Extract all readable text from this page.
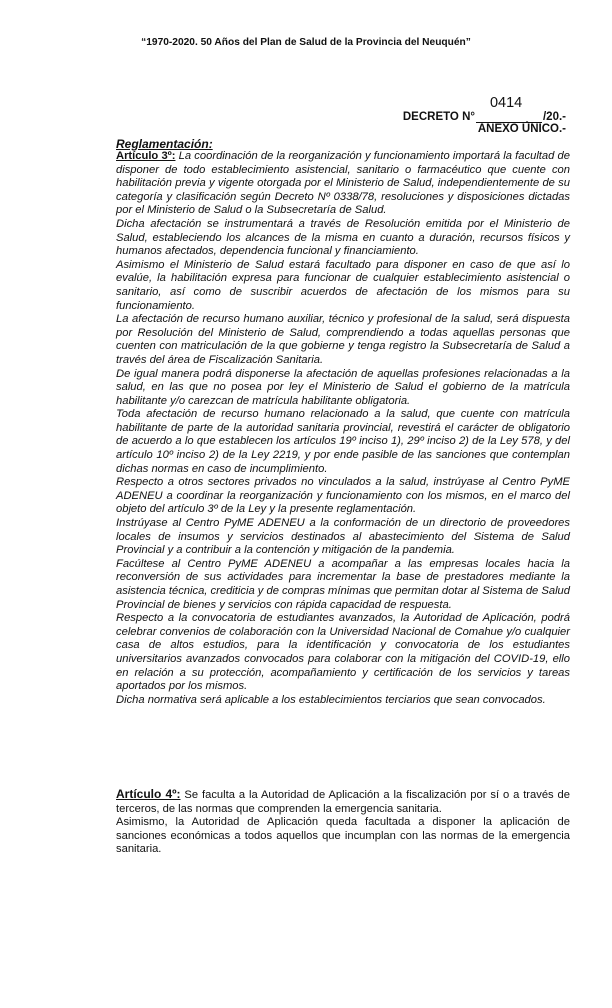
“1970-2020. 50 Años del Plan de Salud de la Provincia del Neuquén”
DECRETO N°
0414
/20.-
ANEXO ÚNICO.-
Reglamentación:

Artículo 3º: La coordinación de la reorganización y funcionamiento importará la facultad de disponer de todo establecimiento asistencial, sanitario o farmacéutico que cuente con habilitación previa y vigente otorgada por el Ministerio de Salud, independientemente de su categoría y clasificación según Decreto Nº 0338/78, resoluciones y disposiciones dictadas por el Ministerio de Salud o la Subsecretaría de Salud.

Dicha afectación se instrumentará a través de Resolución emitida por el Ministerio de Salud, estableciendo los alcances de la misma en cuanto a duración, recursos físicos y humanos afectados, dependencia funcional y financiamiento.

Asimismo el Ministerio de Salud estará facultado para disponer en caso de que así lo evalúe, la habilitación expresa para funcionar de cualquier establecimiento asistencial o sanitario, así como de suscribir acuerdos de afectación de los mismos para su funcionamiento.

La afectación de recurso humano auxiliar, técnico y profesional de la salud, será dispuesta por Resolución del Ministerio de Salud, comprendiendo a todas aquellas personas que cuenten con matriculación de la que gobierne y tenga registro la Subsecretaría de Salud a través del área de Fiscalización Sanitaria.

De igual manera podrá disponerse la afectación de aquellas profesiones relacionadas a la salud, en las que no posea por ley el Ministerio de Salud el gobierno de la matrícula habilitante y/o carezcan de matrícula habilitante obligatoria.

Toda afectación de recurso humano relacionado a la salud, que cuente con matrícula habilitante de parte de la autoridad sanitaria provincial, revestirá el carácter de obligatorio de acuerdo a lo que establecen los artículos 19º inciso 1), 29º inciso 2) de la Ley 578, y del artículo 10º inciso 2) de la Ley 2219, y por ende pasible de las sanciones que contemplan dichas normas en caso de incumplimiento.

Respecto a otros sectores privados no vinculados a la salud, instrúyase al Centro PyME ADENEU a coordinar la reorganización y funcionamiento con los mismos, en el marco del objeto del artículo 3º de la Ley y la presente reglamentación.

Instrúyase al Centro PyME ADENEU a la conformación de un directorio de proveedores locales de insumos y servicios destinados al abastecimiento del Sistema de Salud Provincial y a contribuir a la contención y mitigación de la pandemia.

Facúltese al Centro PyME ADENEU a acompañar a las empresas locales hacia la reconversión de sus actividades para incrementar la base de prestadores mediante la asistencia técnica, crediticia y de compras mínimas que permitan dotar al Sistema de Salud Provincial de bienes y servicios con rápida capacidad de respuesta.

Respecto a la convocatoria de estudiantes avanzados, la Autoridad de Aplicación, podrá celebrar convenios de colaboración con la Universidad Nacional de Comahue y/o cualquier casa de altos estudios, para la identificación y convocatoria de los estudiantes universitarios avanzados convocados para colaborar con la mitigación del COVID-19, ello en relación a su protección, acompañamiento y certificación de los servicios y tareas aportados por los mismos.

Dicha normativa será aplicable a los establecimientos terciarios que sean convocados.

Artículo 4º: Se faculta a la Autoridad de Aplicación a la fiscalización por sí o a través de terceros, de las normas que comprenden la emergencia sanitaria.

Asimismo, la Autoridad de Aplicación queda facultada a disponer la aplicación de sanciones económicas a todos aquellos que incumplan con las normas de la emergencia sanitaria.
